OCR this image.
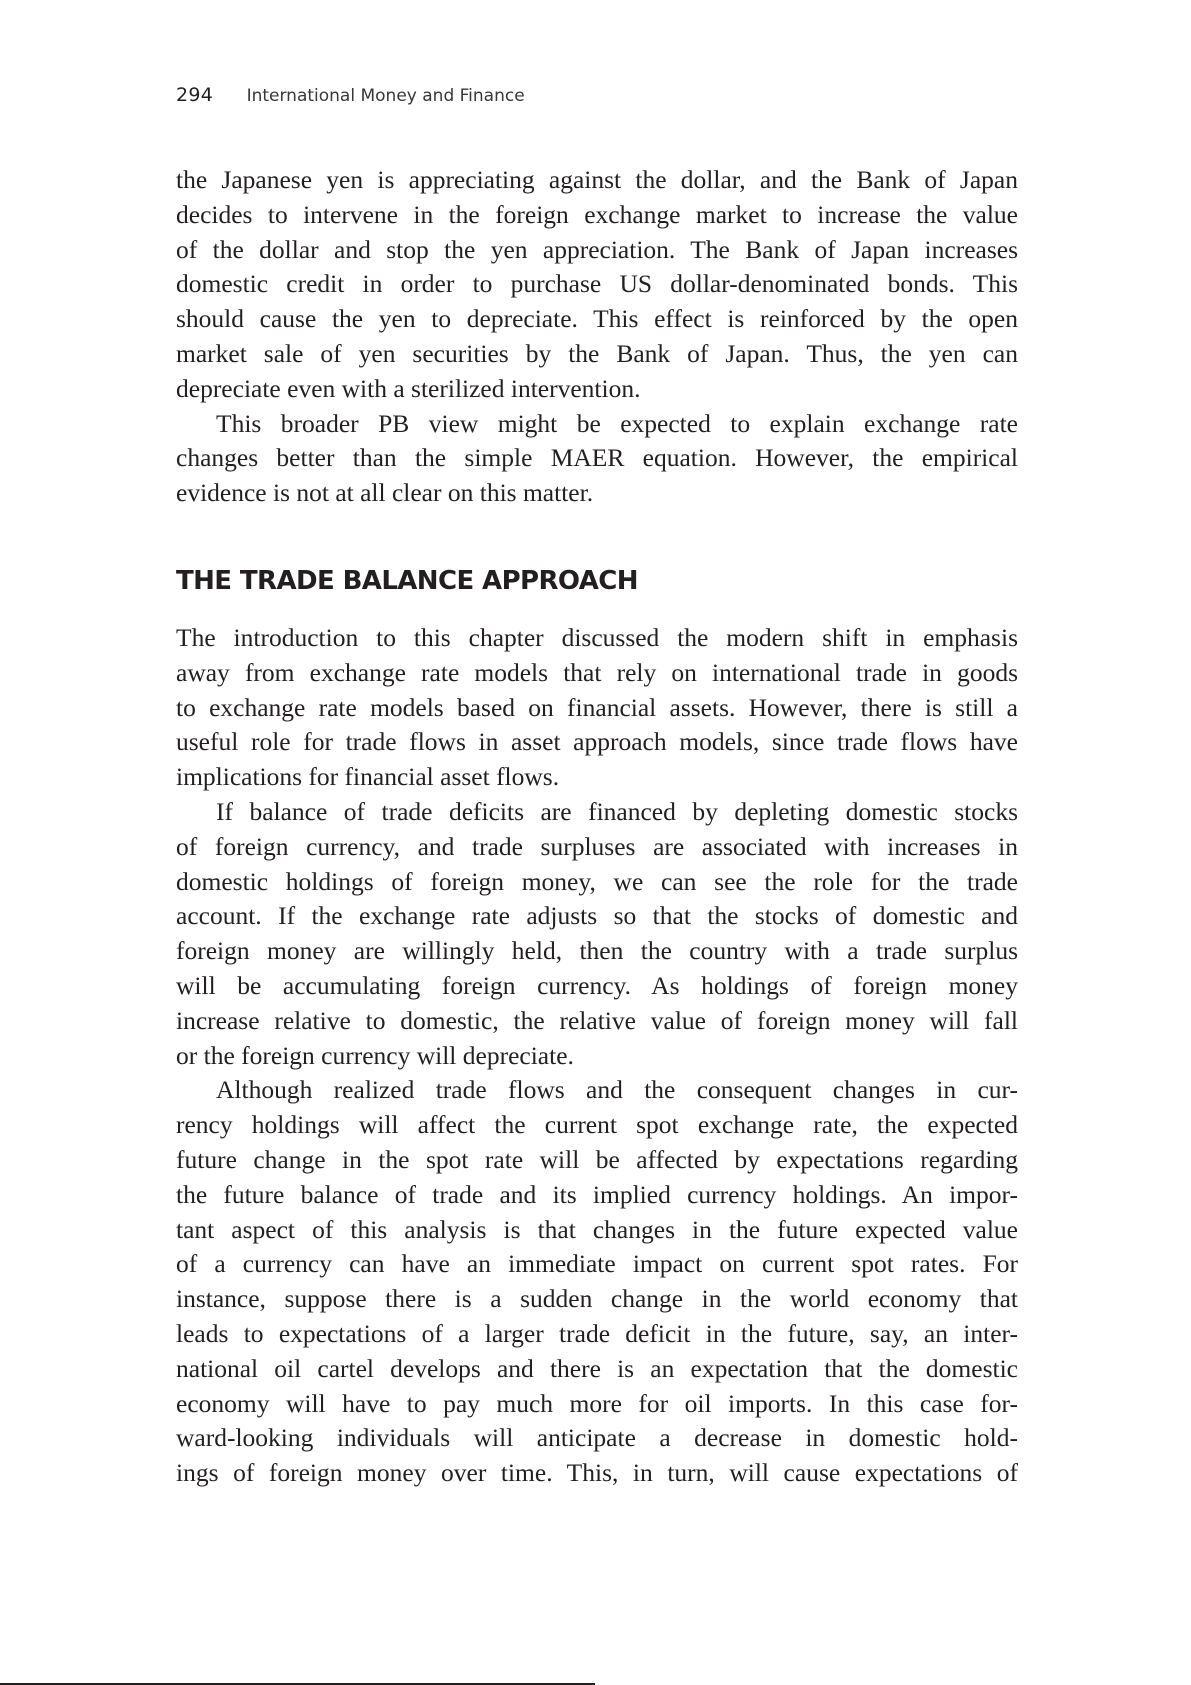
294 International Money and Finance
the Japanese yen is appreciating against the dollar, and the Bank of Japan
decides to intervene in the foreign exchange market to increase the value
of the dollar and stop the yen appreciation. The Bank of Japan increases
domestic credit in order to purchase US dollar-denominated bonds. This
should cause the yen to depreciate. This effect is reinforced by the open
market sale of yen securities by the Bank of Japan. Thus, the yen can
depreciate even with a sterilized intervention.
This broader PB view might be expected to explain exchange rate
changes better than the simple MAER equation. However, the empirical
evidence is not at all clear on this matter.
THE TRADE BALANCE APPROACH
The introduction to this chapter discussed the modern shift in emphasis
away from exchange rate models that rely on international trade in goods
to exchange rate models based on financial assets. However, there is still a
useful role for trade flows in asset approach models, since trade flows have
implications for financial asset flows.
If balance of trade deficits are financed by depleting domestic stocks
of foreign currency, and trade surpluses are associated with increases in
domestic holdings of foreign money, we can see the role for the trade
account. If the exchange rate adjusts so that the stocks of domestic and
foreign money are willingly held, then the country with a trade surplus
will be accumulating foreign currency. As holdings of foreign money
increase relative to domestic, the relative value of foreign money will fall
or the foreign currency will depreciate.
Although realized trade flows and the consequent changes in cur-
rency holdings will affect the current spot exchange rate, the expected
future change in the spot rate will be affected by expectations regarding
the future balance of trade and its implied currency holdings. An impor-
tant aspect of this analysis is that changes in the future expected value
of a currency can have an immediate impact on current spot rates. For
instance, suppose there is a sudden change in the world economy that
leads to expectations of a larger trade deficit in the future, say, an inter-
national oil cartel develops and there is an expectation that the domestic
economy will have to pay much more for oil imports. In this case for-
ward-looking individuals will anticipate a decrease in domestic hold-
ings of foreign money over time. This, in turn, will cause expectations of
